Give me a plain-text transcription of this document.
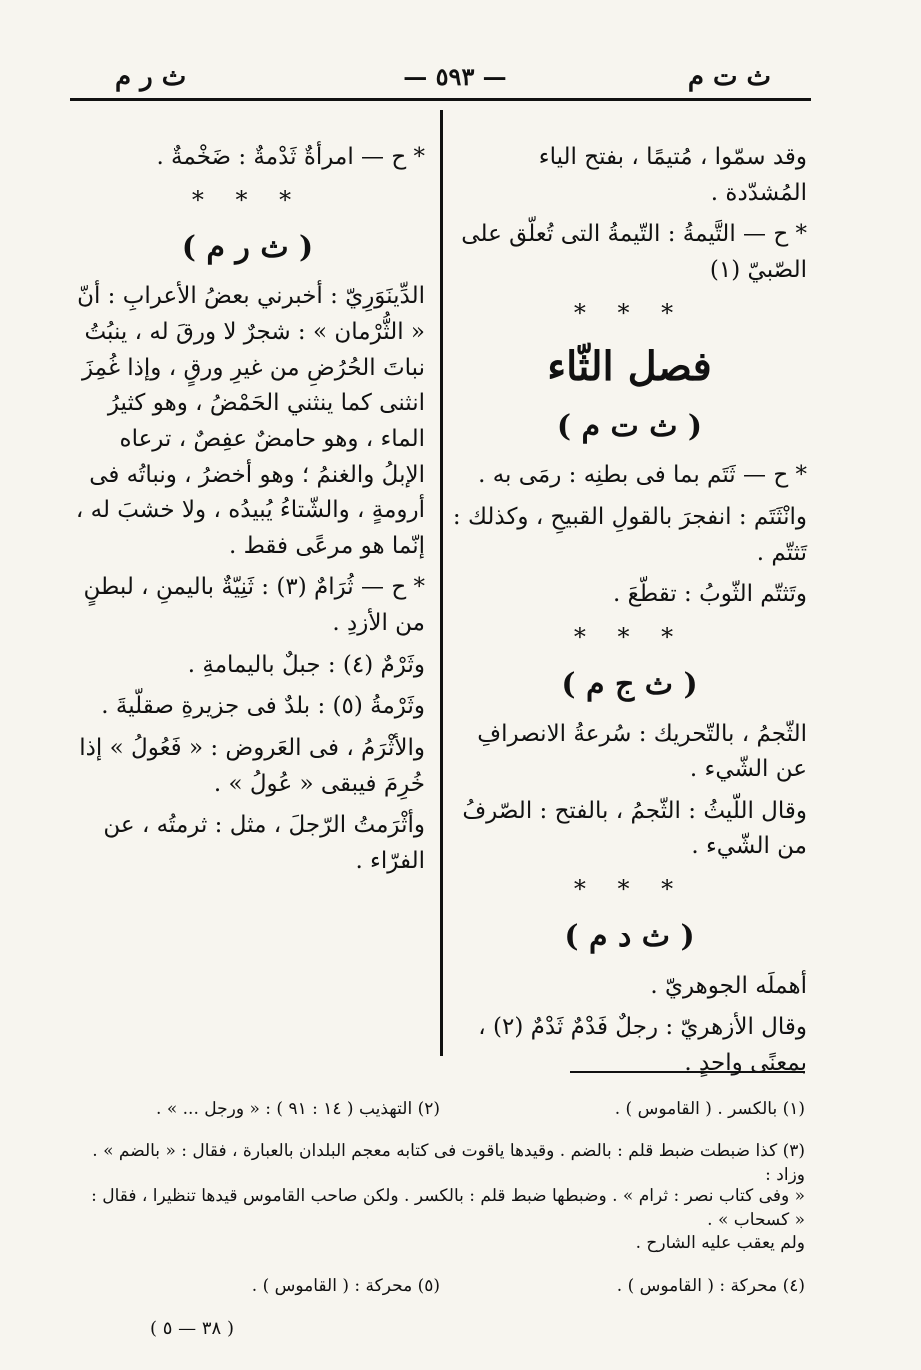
ث ت م
— ٥٩٣ —
ث ر م

وقد سمّوا ، مُتيمًا ، بفتح الياء المُشدّدة .

* ح — التَّيمةُ : التّيمةُ التى تُعلّق على الصّبيّ (١)

* * *
فصل الثّاء
( ث ت م )

* ح — ثَتَم بما فى بطنِه : رمَى به .

وانْثَتَم : انفجرَ بالقولِ القبيحِ ، وكذلك : تَثتّم .

وتَثتّم الثّوبُ : تقطّعَ .

* * *
( ث ج م )

الثّجمُ ، بالتّحريك : سُرعةُ الانصرافِ عن الشّيء .

وقال اللّيثُ : الثّجمُ ، بالفتح : الصّرفُ من الشّيء .

* * *
( ث د م )

أهملَه الجوهريّ .

وقال الأزهريّ : رجلٌ فَدْمٌ ثَدْمٌ (٢) ، بمعنًى واحدٍ .

* ح — امرأةٌ ثَدْمةٌ : ضَخْمةٌ .

* * *
( ث ر م )

الدِّينَوَرِيّ : أخبرني بعضُ الأعرابِ : أنّ « الثُّرْمان » : شجرٌ لا ورقَ له ، ينبُتُ نباتَ الحُرُضِ من غيرِ ورقٍ ، وإذا غُمِزَ انثنى كما ينثني الحَمْضُ ، وهو كثيرُ الماء ، وهو حامضٌ عفِصٌ ، ترعاه الإبلُ والغنمُ ؛ وهو أخضرُ ، ونباتُه فى أرومةٍ ، والشّتاءُ يُبيدُه ، ولا خشبَ له ، إنّما هو مرعًى فقط .

* ح — ثُرَامٌ (٣) : ثَنِيّةٌ باليمنِ ، لبطنٍ من الأزدِ .

وثَرْمٌ (٤) : جبلٌ باليمامةِ .

وثَرْمةُ (٥) : بلدٌ فى جزيرةِ صقلّيةَ .

والأثْرَمُ ، فى العَروض : « فَعُولُ » إذا خُرِمَ فيبقى « عُولُ » .

وأثْرَمتُ الرّجلَ ، مثل : ثرمتُه ، عن الفرّاء .

(١) بالكسر . ( القاموس ) .
(٢) التهذيب ( ١٤ : ٩١ ) : « ورجل ... » .
(٣) كذا ضبطت ضبط قلم : بالضم . وقيدها ياقوت فى كتابه معجم البلدان بالعبارة ، فقال : « بالضم » . وزاد :
« وفى كتاب نصر : ثرام » . وضبطها ضبط قلم : بالكسر . ولكن صاحب القاموس قيدها تنظيرا ، فقال : « كسحاب » .
ولم يعقب عليه الشارح .
(٤) محركة : ( القاموس ) .
(٥) محركة : ( القاموس ) .
( ٣٨ — ٥ )
